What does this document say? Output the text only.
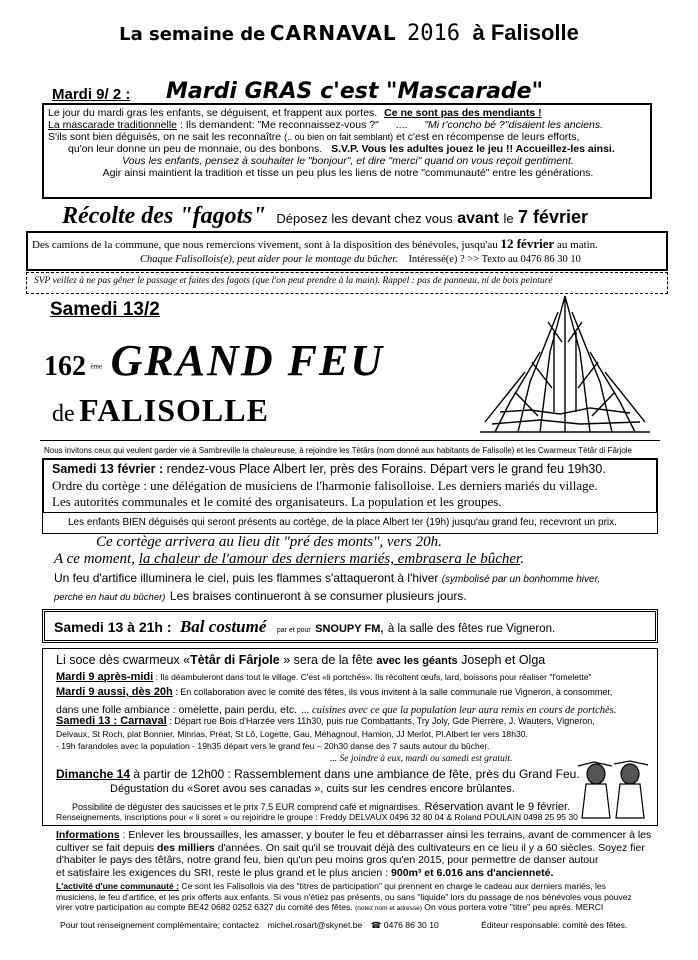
La semaine de CARNAVAL 2016 à Falisolle
Mardi 9/ 2 : Mardi GRAS c'est "Mascarade"
Le jour du mardi gras les enfants, se déguisent, et frappent aux portes. Ce ne sont pas des mendiants !
La mascarade traditionnelle : Ils demandent: "Me reconnaissez-vous ?" .... "Mi r'concho bé ?"disaient les anciens.
S'ils sont bien déguisés, on ne sait les reconnaître (.. ou bien on fait semblant) et c'est en récompense de leurs efforts,
qu'on leur donne un peu de monnaie, ou des bonbons. S.V.P. Vous les adultes jouez le jeu !! Accueillez-les ainsi.
Vous les enfants, pensez à souhaiter le "bonjour", et dire "merci" quand on vous reçoit gentiment.
Agir ainsi maintient la tradition et tisse un peu plus les liens de notre "communauté" entre les générations.
Récolte des "fagots" Déposez les devant chez vous avant le 7 février
Des camions de la commune, que nous remercions vivement, sont à la disposition des bénévoles, jusqu'au 12 février au matin.
Chaque Falisollois(e), peut aider pour le montage du bûcher. Intéressé(e) ? >> Texto au 0476 86 30 10
SVP veillez à ne pas gêner le passage et faites des fagots (que l'on peut prendre à la main). Rappel : pas de panneau, ni de bois peinturé
Samedi 13/2
162 $^{ème}$ GRAND FEU
de FALISOLLE
Nous invitons ceux qui veulent garder vie à Sambreville la chaleureuse, à rejoindre les Tètârs (nom donné aux habitants de Falisolle) et les Cwarmeux Tètâr di Fârjole
Samedi 13 février : rendez-vous Place Albert Ier, près des Forains. Départ vers le grand feu 19h30.
Ordre du cortège : une délégation de musiciens de l'harmonie falisolloise. Les derniers mariés du village.
Les autorités communales et le comité des organisateurs. La population et les groupes.
Les enfants BIEN déguisés qui seront présents au cortège, de la place Albert Ier (19h) jusqu'au grand feu, recevront un prix.
Ce cortège arrivera au lieu dit "pré des monts", vers 20h.
A ce moment, la chaleur de l'amour des derniers mariés, embrasera le bûcher.
Un feu d'artifice illuminera le ciel, puis les flammes s'attaqueront à l'hiver (symbolisé par un bonhomme hiver,
perché en haut du bûcher) Les braises continueront à se consumer plusieurs jours.
Samedi 13 à 21h : Bal costumé par et pour SNOUPY FM, à la salle des fêtes rue Vigneron.
Li soce dès cwarmeux «Tètâr di Fârjole » sera de la fête avec les géants Joseph et Olga
Mardi 9 après-midi : Ils déambuleront dans tout le village. C'est «li portchès». Ils récoltent œufs, lard, boissons pour réaliser "l'omelette"
Mardi 9 aussi, dès 20h : En collaboration avec le comité des fêtes, ils vous invitent à la salle communale rue Vigneron, à consommer,
dans une folle ambiance : omelette, pain perdu, etc. ... cuisines avec ce que la population leur aura remis en cours de portchès.
Samedi 13 : Carnaval : Départ rue Bois d'Harzée vers 11h30, puis rue Combattants, Try Joly, Gde Pierrère, J. Wauters, Vigneron,
Delvaux, St Roch, plat Bonnier, Minrias, Préat, St Lô, Logette, Gau, Méhagnoul, Hamion, JJ Merlot, Pl.Albert Ier vers 18h30.
- 19h farandoles avec la population - 19h35 départ vers le grand feu – 20h30 danse des 7 sauts autour du bûcher.
... Se joindre à eux, mardi ou samedi est gratuit.
Dimanche 14 à partir de 12h00 : Rassemblement dans une ambiance de fête, près du Grand Feu.
Dégustation du «Soret avou ses canadas », cuits sur les cendres encore brûlantes.
Possibilité de déguster des saucisses et le prix 7,5 EUR comprend café et mignardises. Réservation avant le 9 février.
Renseignements, inscriptions pour « li soret » ou rejoindre le groupe : Freddy DELVAUX 0496 32 80 04 & Roland POULAIN 0498 25 95 30
Informations : Enlever les broussailles, les amasser, y bouter le feu et débarrasser ainsi les terrains, avant de commencer à les
cultiver se fait depuis des milliers d'années. On sait qu'il se trouvait déjà des cultivateurs en ce lieu il y a 60 siècles. Soyez fier
d'habiter le pays des têtârs, notre grand feu, bien qu'un peu moins gros qu'en 2015, pour permettre de danser autour
et satisfaire les exigences du SRI, reste le plus grand et le plus ancien : 900m³ et 6.016 ans d'ancienneté.
L'activité d'une communauté : Ce sont les Falisollois via des "titres de participation" qui prennent en charge le cadeau aux derniers mariés, les
musiciens, le feu d'artifice, et les prix offerts aux enfants. Si vous n'étiez pas présents, ou sans "liquide" lors du passage de nos bénévoles vous pouvez
virer votre participation au compte BE42 0682 0252 6327 du comité des fêtes. (notez nom et adresse) On vous portera votre "titre" peu après. MERCI
Pour tout renseignement complémentaire; contactez michel.rosart@skynet.be ☎ 0476 86 30 10	Éditeur responsable: comité des fêtes.
